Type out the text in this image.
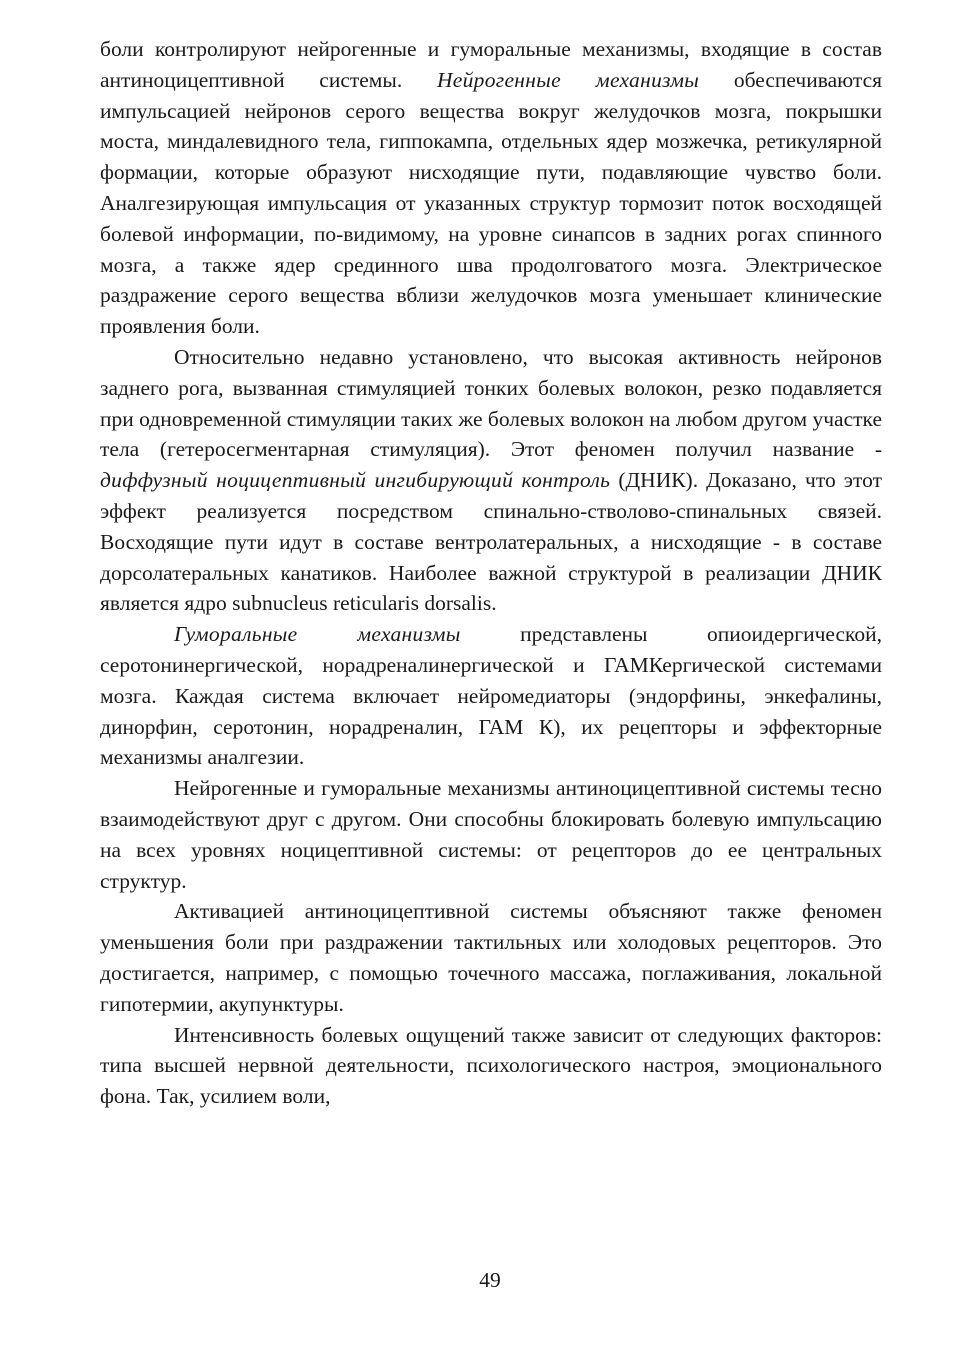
боли контролируют нейрогенные и гуморальные механизмы, входящие в состав антиноцицептивной системы. Нейрогенные механизмы обеспечиваются импульсацией нейронов серого вещества вокруг желудочков мозга, покрышки моста, миндалевидного тела, гиппокампа, отдельных ядер мозжечка, ретикулярной формации, которые образуют нисходящие пути, подавляющие чувство боли. Аналгезирующая импульсация от указанных структур тормозит поток восходящей болевой информации, по-видимому, на уровне синапсов в задних рогах спинного мозга, а также ядер срединного шва продолговатого мозга. Электрическое раздражение серого вещества вблизи желудочков мозга уменьшает клинические проявления боли.

Относительно недавно установлено, что высокая активность нейронов заднего рога, вызванная стимуляцией тонких болевых волокон, резко подавляется при одновременной стимуляции таких же болевых волокон на любом другом участке тела (гетеросегментарная стимуляция). Этот феномен получил название - диффузный ноцицептивный ингибирующий контроль (ДНИК). Доказано, что этот эффект реализуется посредством спинально-стволово-спинальных связей. Восходящие пути идут в составе вентролатеральных, а нисходящие - в составе дорсолатеральных канатиков. Наиболее важной структурой в реализации ДНИК является ядро subnucleus reticularis dorsalis.

Гуморальные механизмы представлены опиоидергической, серотонинергической, норадреналинергической и ГАМКергической системами мозга. Каждая система включает нейромедиаторы (эндорфины, энкефалины, динорфин, серотонин, норадреналин, ГАМ К), их рецепторы и эффекторные механизмы аналгезии.

Нейрогенные и гуморальные механизмы антиноцицептивной системы тесно взаимодействуют друг с другом. Они способны блокировать болевую импульсацию на всех уровнях ноцицептивной системы: от рецепторов до ее центральных структур.

Активацией антиноцицептивной системы объясняют также феномен уменьшения боли при раздражении тактильных или холодовых рецепторов. Это достигается, например, с помощью точечного массажа, поглаживания, локальной гипотермии, акупунктуры.

Интенсивность болевых ощущений также зависит от следующих факторов: типа высшей нервной деятельности, психологического настроя, эмоционального фона. Так, усилием воли,

49
